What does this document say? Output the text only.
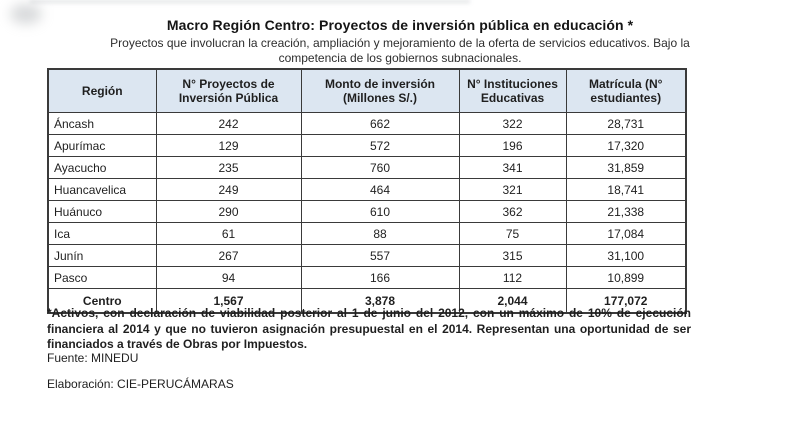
Macro Región Centro: Proyectos de inversión pública en educación *
Proyectos que involucran la creación, ampliación y mejoramiento de la oferta de servicios educativos. Bajo la competencia de los gobiernos subnacionales.
Región	N° Proyectos de Inversión Pública	Monto de inversión (Millones S/.)	N° Instituciones Educativas	Matrícula (N° estudiantes)
Áncash	242	662	322	28,731
Apurímac	129	572	196	17,320
Ayacucho	235	760	341	31,859
Huancavelica	249	464	321	18,741
Huánuco	290	610	362	21,338
Ica	61	88	75	17,084
Junín	267	557	315	31,100
Pasco	94	166	112	10,899
Centro	1,567	3,878	2,044	177,072
*Activos, con declaración de viabilidad posterior al 1 de junio del 2012, con un máximo de 10% de ejecución financiera al 2014 y que no tuvieron asignación presupuestal en el 2014. Representan una oportunidad de ser financiados a través de Obras por Impuestos.
Fuente: MINEDU
Elaboración: CIE-PERUCÁMARAS
